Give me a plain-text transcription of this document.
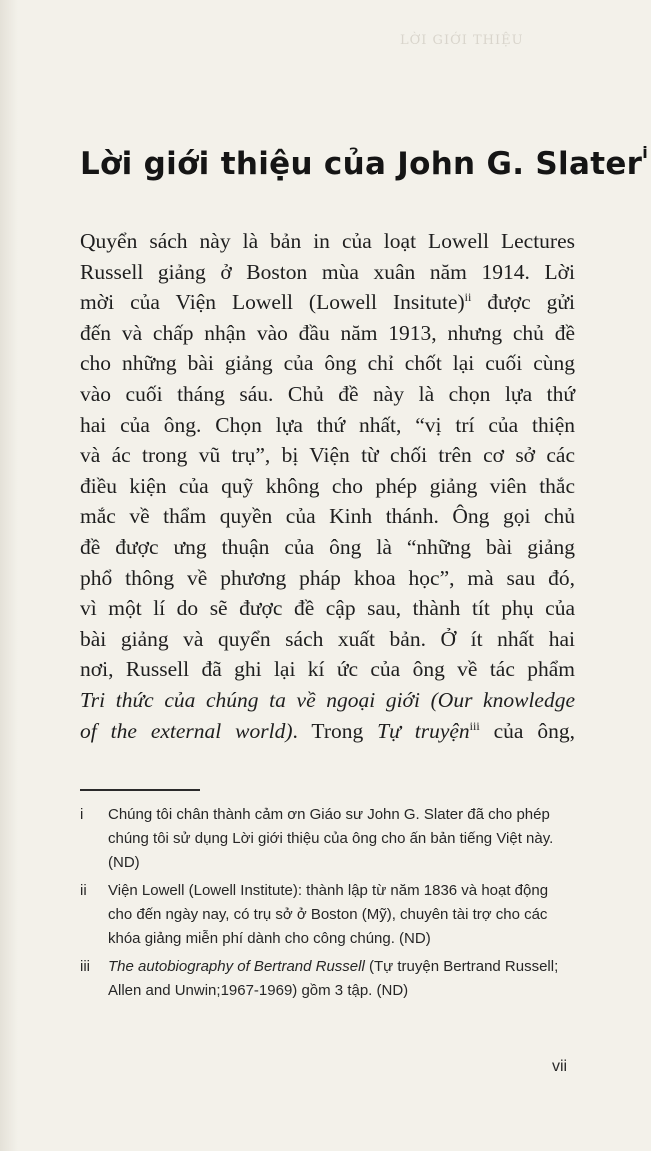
LỜI GIỚI THIỆU
Lời giới thiệu của John G. Slater$^i$
Quyển sách này là bản in của loạt Lowell Lectures
Russell giảng ở Boston mùa xuân năm 1914. Lời
mời của Viện Lowell (Lowell Insitute)$^{ii}$ được gửi
đến và chấp nhận vào đầu năm 1913, nhưng chủ đề
cho những bài giảng của ông chỉ chốt lại cuối cùng
vào cuối tháng sáu. Chủ đề này là chọn lựa thứ
hai của ông. Chọn lựa thứ nhất, “vị trí của thiện
và ác trong vũ trụ”, bị Viện từ chối trên cơ sở các
điều kiện của quỹ không cho phép giảng viên thắc
mắc về thẩm quyền của Kinh thánh. Ông gọi chủ
đề được ưng thuận của ông là “những bài giảng
phổ thông về phương pháp khoa học”, mà sau đó,
vì một lí do sẽ được đề cập sau, thành tít phụ của
bài giảng và quyển sách xuất bản. Ở ít nhất hai
nơi, Russell đã ghi lại kí ức của ông về tác phẩm
Tri thức của chúng ta về ngoại giới (Our knowledge
of the external world). Trong Tự truyện$^{iii}$ của ông,
i Chúng tôi chân thành cảm ơn Giáo sư John G. Slater đã cho phép chúng tôi sử dụng Lời giới thiệu của ông cho ấn bản tiếng Việt này. (ND)
ii Viện Lowell (Lowell Institute): thành lập từ năm 1836 và hoạt động cho đến ngày nay, có trụ sở ở Boston (Mỹ), chuyên tài trợ cho các khóa giảng miễn phí dành cho công chúng. (ND)
iii The autobiography of Bertrand Russell (Tự truyện Bertrand Russell; Allen and Unwin;1967-1969) gồm 3 tập. (ND)
vii
